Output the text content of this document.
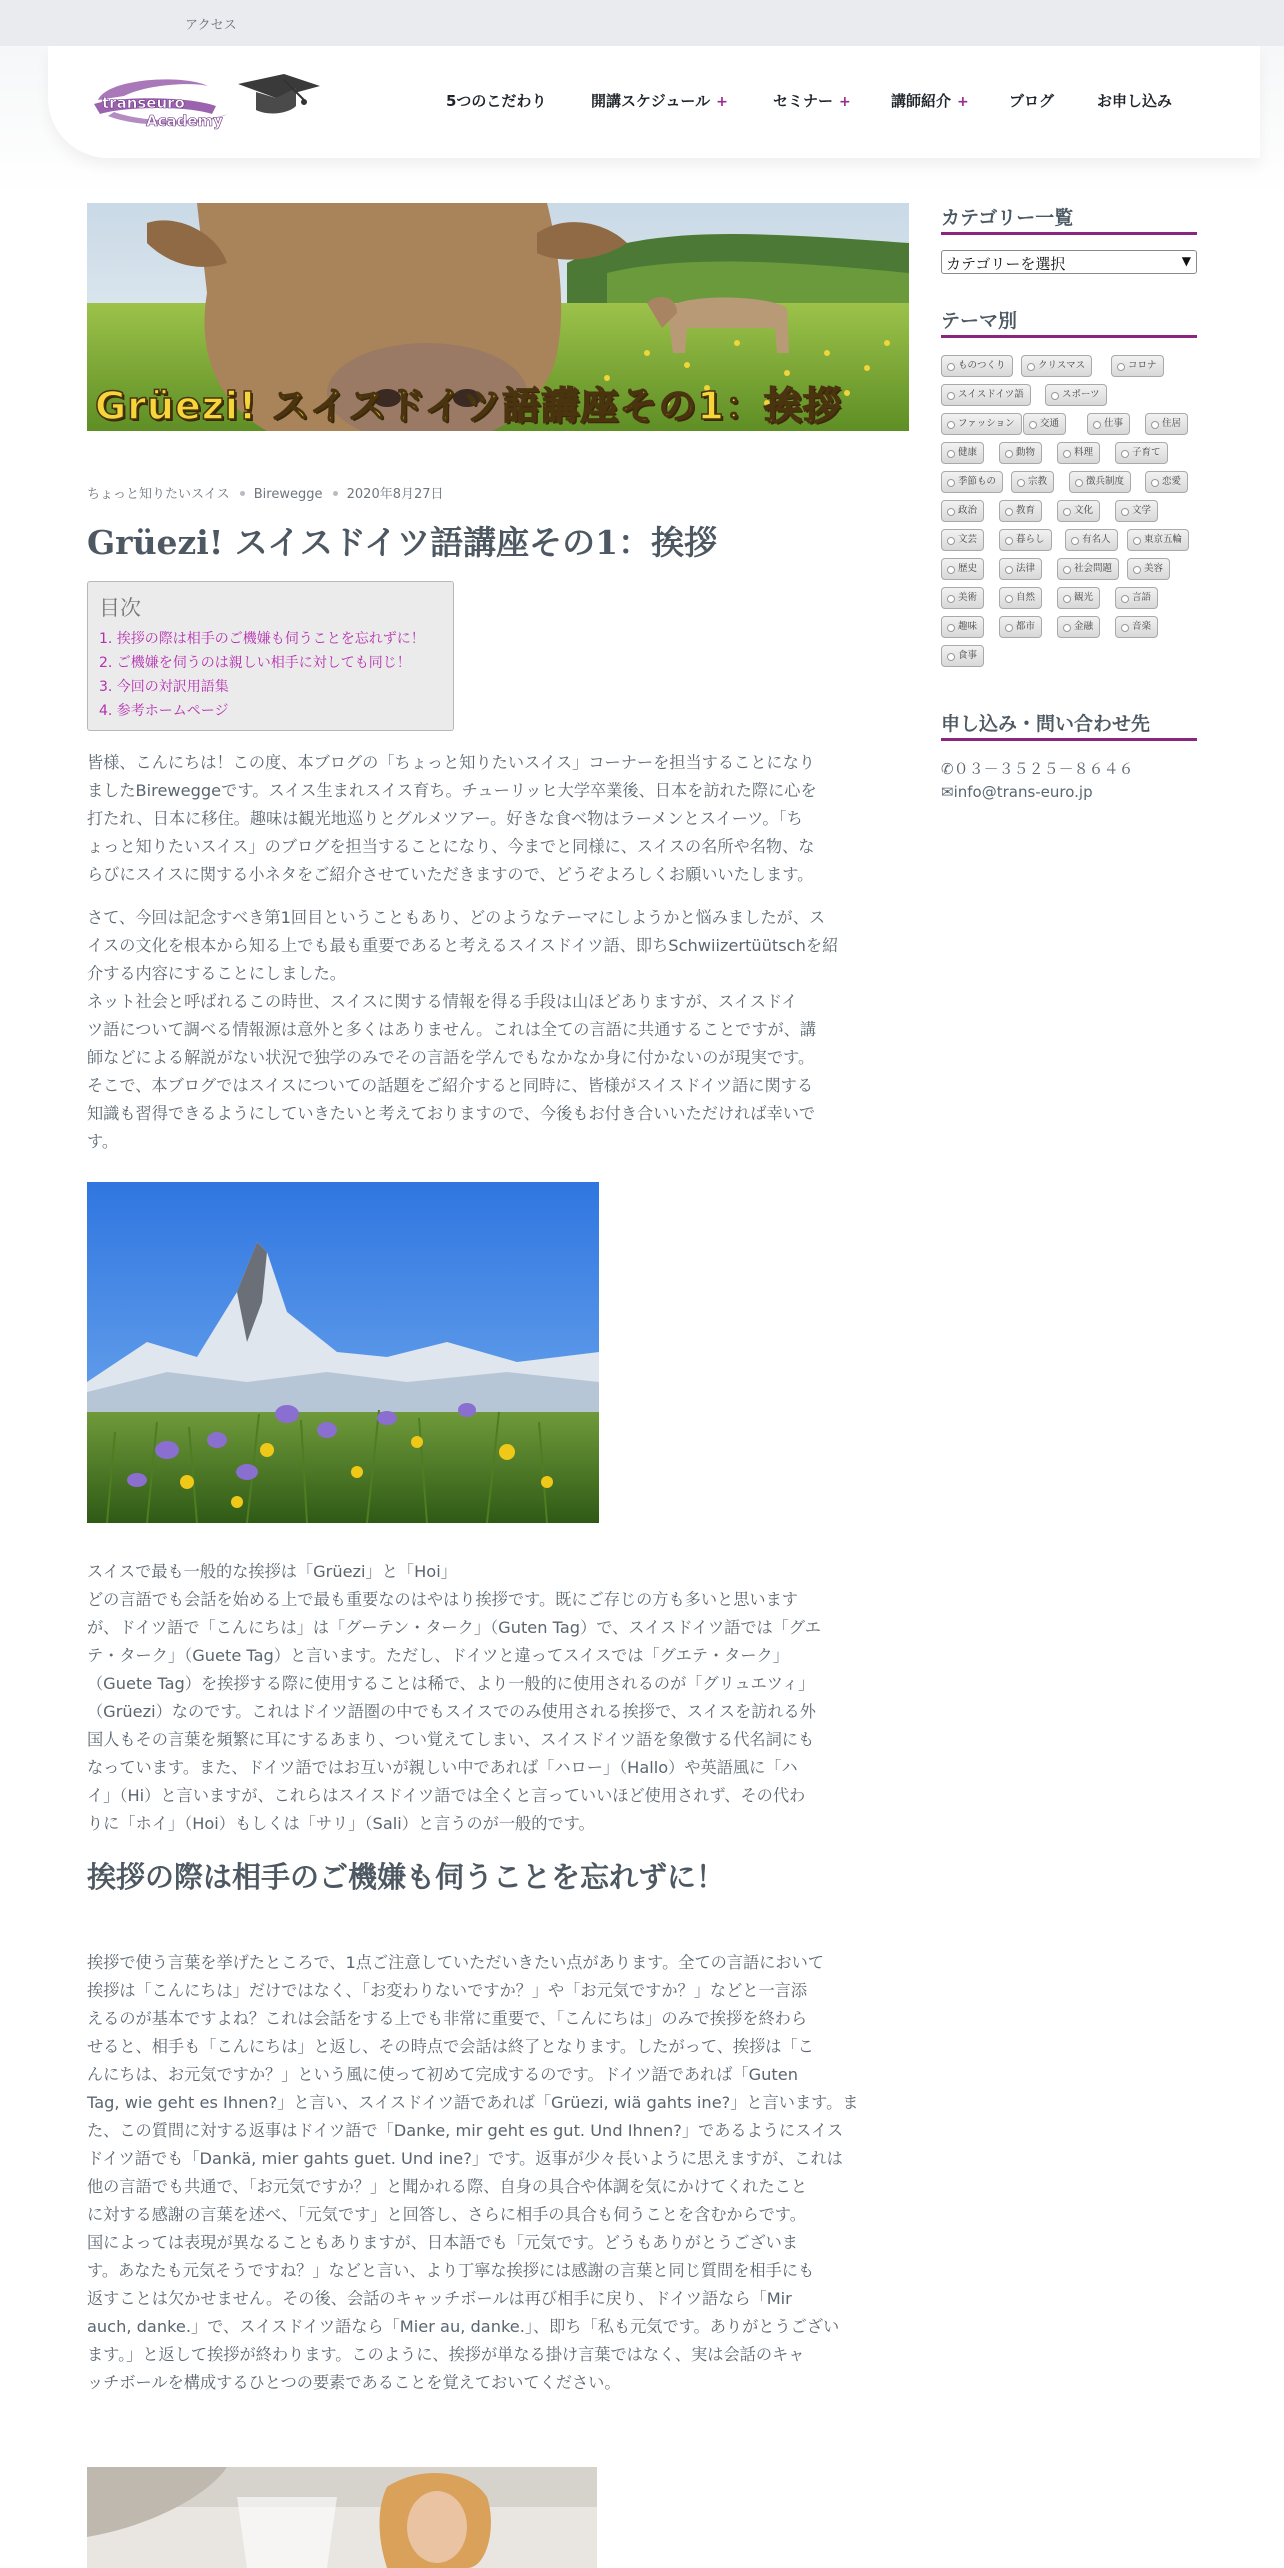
アクセス
transeuro
Academy
5つのこだわり	開講スケジュール +	セミナー +	講師紹介 +	ブログ	お申し込み
Grüezi! スイスドイツ語講座その1：挨拶
ちょっと知りたいスイス Birewegge 2020年8月27日
Grüezi! スイスドイツ語講座その1：挨拶
目次
1. 挨拶の際は相手のご機嫌も伺うことを忘れずに！
2. ご機嫌を伺うのは親しい相手に対しても同じ！
3. 今回の対訳用語集
4. 参考ホームページ
皆様、こんにちは！この度、本ブログの「ちょっと知りたいスイス」コーナーを担当することになり
ましたBireweggeです。スイス生まれスイス育ち。チューリッヒ大学卒業後、日本を訪れた際に心を
打たれ、日本に移住。趣味は観光地巡りとグルメツアー。好きな食べ物はラーメンとスイーツ。「ち
ょっと知りたいスイス」のブログを担当することになり、今までと同様に、スイスの名所や名物、な
らびにスイスに関する小ネタをご紹介させていただきますので、どうぞよろしくお願いいたします。
さて、今回は記念すべき第1回目ということもあり、どのようなテーマにしようかと悩みましたが、ス
イスの文化を根本から知る上でも最も重要であると考えるスイスドイツ語、即ちSchwiizertüütschを紹
介する内容にすることにしました。
ネット社会と呼ばれるこの時世、スイスに関する情報を得る手段は山ほどありますが、スイスドイ
ツ語について調べる情報源は意外と多くはありません。これは全ての言語に共通することですが、講
師などによる解説がない状況で独学のみでその言語を学んでもなかなか身に付かないのが現実です。
そこで、本ブログではスイスについての話題をご紹介すると同時に、皆様がスイスドイツ語に関する
知識も習得できるようにしていきたいと考えておりますので、今後もお付き合いいただければ幸いで
す。
スイスで最も一般的な挨拶は「Grüezi」と「Hoi」
どの言語でも会話を始める上で最も重要なのはやはり挨拶です。既にご存じの方も多いと思います
が、ドイツ語で「こんにちは」は「グーテン・ターク」（Guten Tag）で、スイスドイツ語では「グエ
テ・ターク」（Guete Tag）と言います。ただし、ドイツと違ってスイスでは「グエテ・ターク」
（Guete Tag）を挨拶する際に使用することは稀で、より一般的に使用されるのが「グリュエツィ」
（Grüezi）なのです。これはドイツ語圏の中でもスイスでのみ使用される挨拶で、スイスを訪れる外
国人もその言葉を頻繁に耳にするあまり、つい覚えてしまい、スイスドイツ語を象徴する代名詞にも
なっています。また、ドイツ語ではお互いが親しい中であれば「ハロー」（Hallo）や英語風に「ハ
イ」（Hi）と言いますが、これらはスイスドイツ語では全くと言っていいほど使用されず、その代わ
りに「ホイ」（Hoi）もしくは「サリ」（Sali）と言うのが一般的です。
挨拶の際は相手のご機嫌も伺うことを忘れずに！
挨拶で使う言葉を挙げたところで、1点ご注意していただいきたい点があります。全ての言語において
挨拶は「こんにちは」だけではなく、「お変わりないですか？」や「お元気ですか？」などと一言添
えるのが基本ですよね？これは会話をする上でも非常に重要で、「こんにちは」のみで挨拶を終わら
せると、相手も「こんにちは」と返し、その時点で会話は終了となります。したがって、挨拶は「こ
んにちは、お元気ですか？」という風に使って初めて完成するのです。ドイツ語であれば「Guten
Tag, wie geht es Ihnen?」と言い、スイスドイツ語であれば「Grüezi, wiä gahts ine?」と言います。ま
た、この質問に対する返事はドイツ語で「Danke, mir geht es gut. Und Ihnen?」であるようにスイス
ドイツ語でも「Dankä, mier gahts guet. Und ine?」です。返事が少々長いように思えますが、これは
他の言語でも共通で、「お元気ですか？」と聞かれる際、自身の具合や体調を気にかけてくれたこと
に対する感謝の言葉を述べ、「元気です」と回答し、さらに相手の具合も伺うことを含むからです。
国によっては表現が異なることもありますが、日本語でも「元気です。どうもありがとうございま
す。あなたも元気そうですね？」などと言い、より丁寧な挨拶には感謝の言葉と同じ質問を相手にも
返すことは欠かせません。その後、会話のキャッチボールは再び相手に戻り、ドイツ語なら「Mir
auch, danke.」で、スイスドイツ語なら「Mier au, danke.」、即ち「私も元気です。ありがとうござい
ます。」と返して挨拶が終わります。このように、挨拶が単なる掛け言葉ではなく、実は会話のキャ
ッチボールを構成するひとつの要素であることを覚えておいてください。
カテゴリー一覧
カテゴリーを選択	▼
テーマ別
ものつくり	クリスマス	コロナ
スイスドイツ語	スポーツ
ファッション	交通	仕事	住居
健康	動物	料理	子育て
季節もの	宗教	徴兵制度	恋愛
政治	教育	文化	文学
文芸	暮らし	有名人	東京五輪
歴史	法律	社会問題	美容
美術	自然	観光	言語
趣味	都市	金融	音楽
食事
申し込み・問い合わせ先
✆０３－３５２５－８６４６
✉info@trans-euro.jp
